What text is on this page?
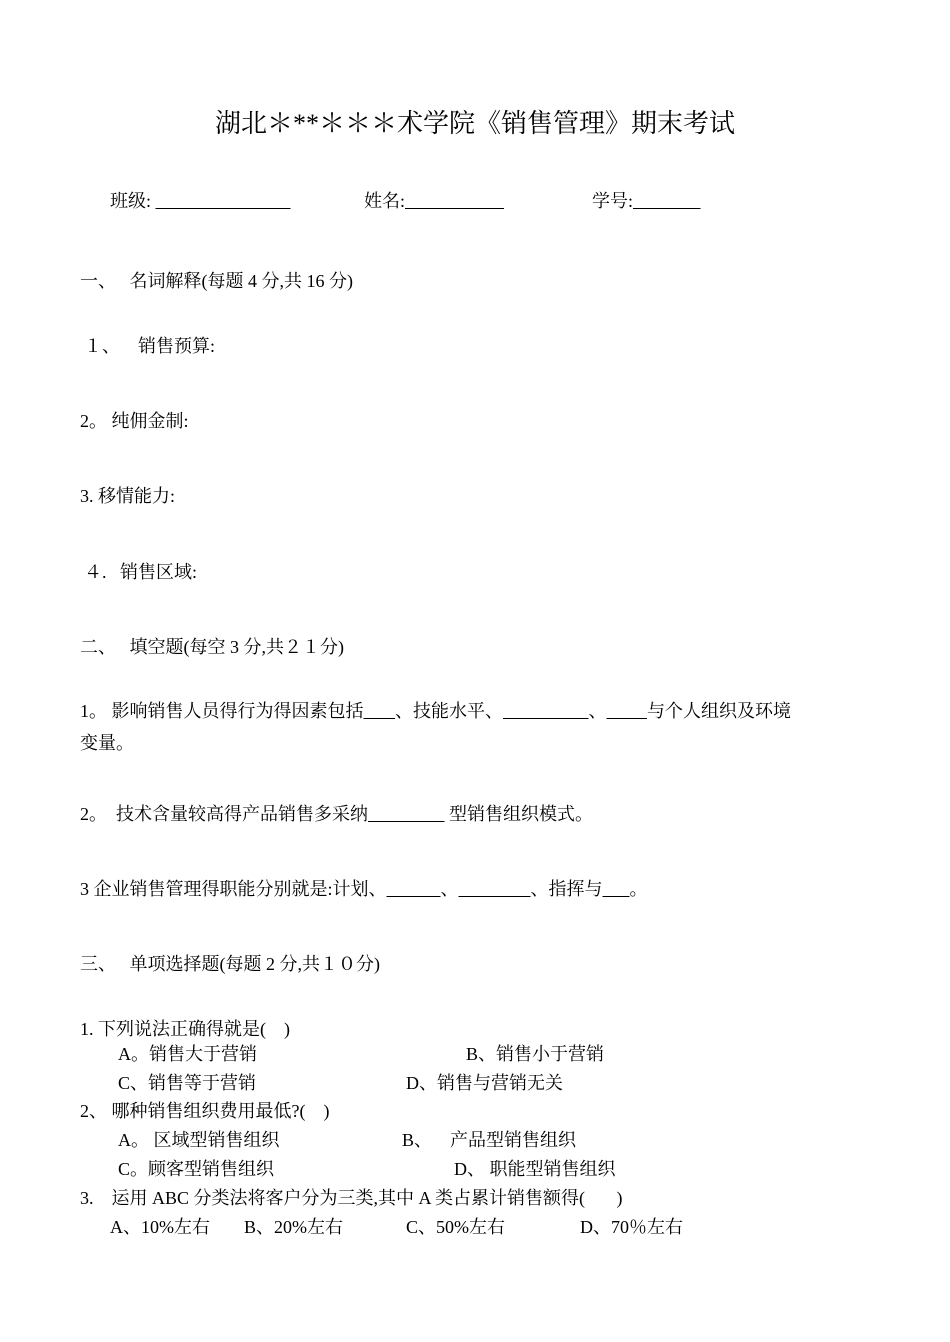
湖北＊**＊＊＊术学院《销售管理》期末考试
班级:	姓名:	学号:
一、   名词解释(每题 4 分,共 16 分)
１、    销售预算:
2。 纯佣金制:
3. 移情能力:
４.   销售区域:
二、   填空题(每空 3 分,共２１分)
1。 影响销售人员得行为得因素包括 、技能水平、	、 与个人组织及环境
变量。
2。  技术含量较高得产品销售多采纳	型销售组织模式。
3 企业销售管理得职能分别就是:计划、	、	、指挥与 。
三、   单项选择题(每题 2 分,共１０分)
1. 下列说法正确得就是(    )
A。销售大于营销	B、销售小于营销
C、销售等于营销	D、销售与营销无关
2、 哪种销售组织费用最低?(    )
A。 区域型销售组织	B、    产品型销售组织
C。顾客型销售组织	D、 职能型销售组织
3.    运用 ABC 分类法将客户分为三类,其中 A 类占累计销售额得(       )
A、10%左右 B、20%左右	C、50%左右	D、70％左右
